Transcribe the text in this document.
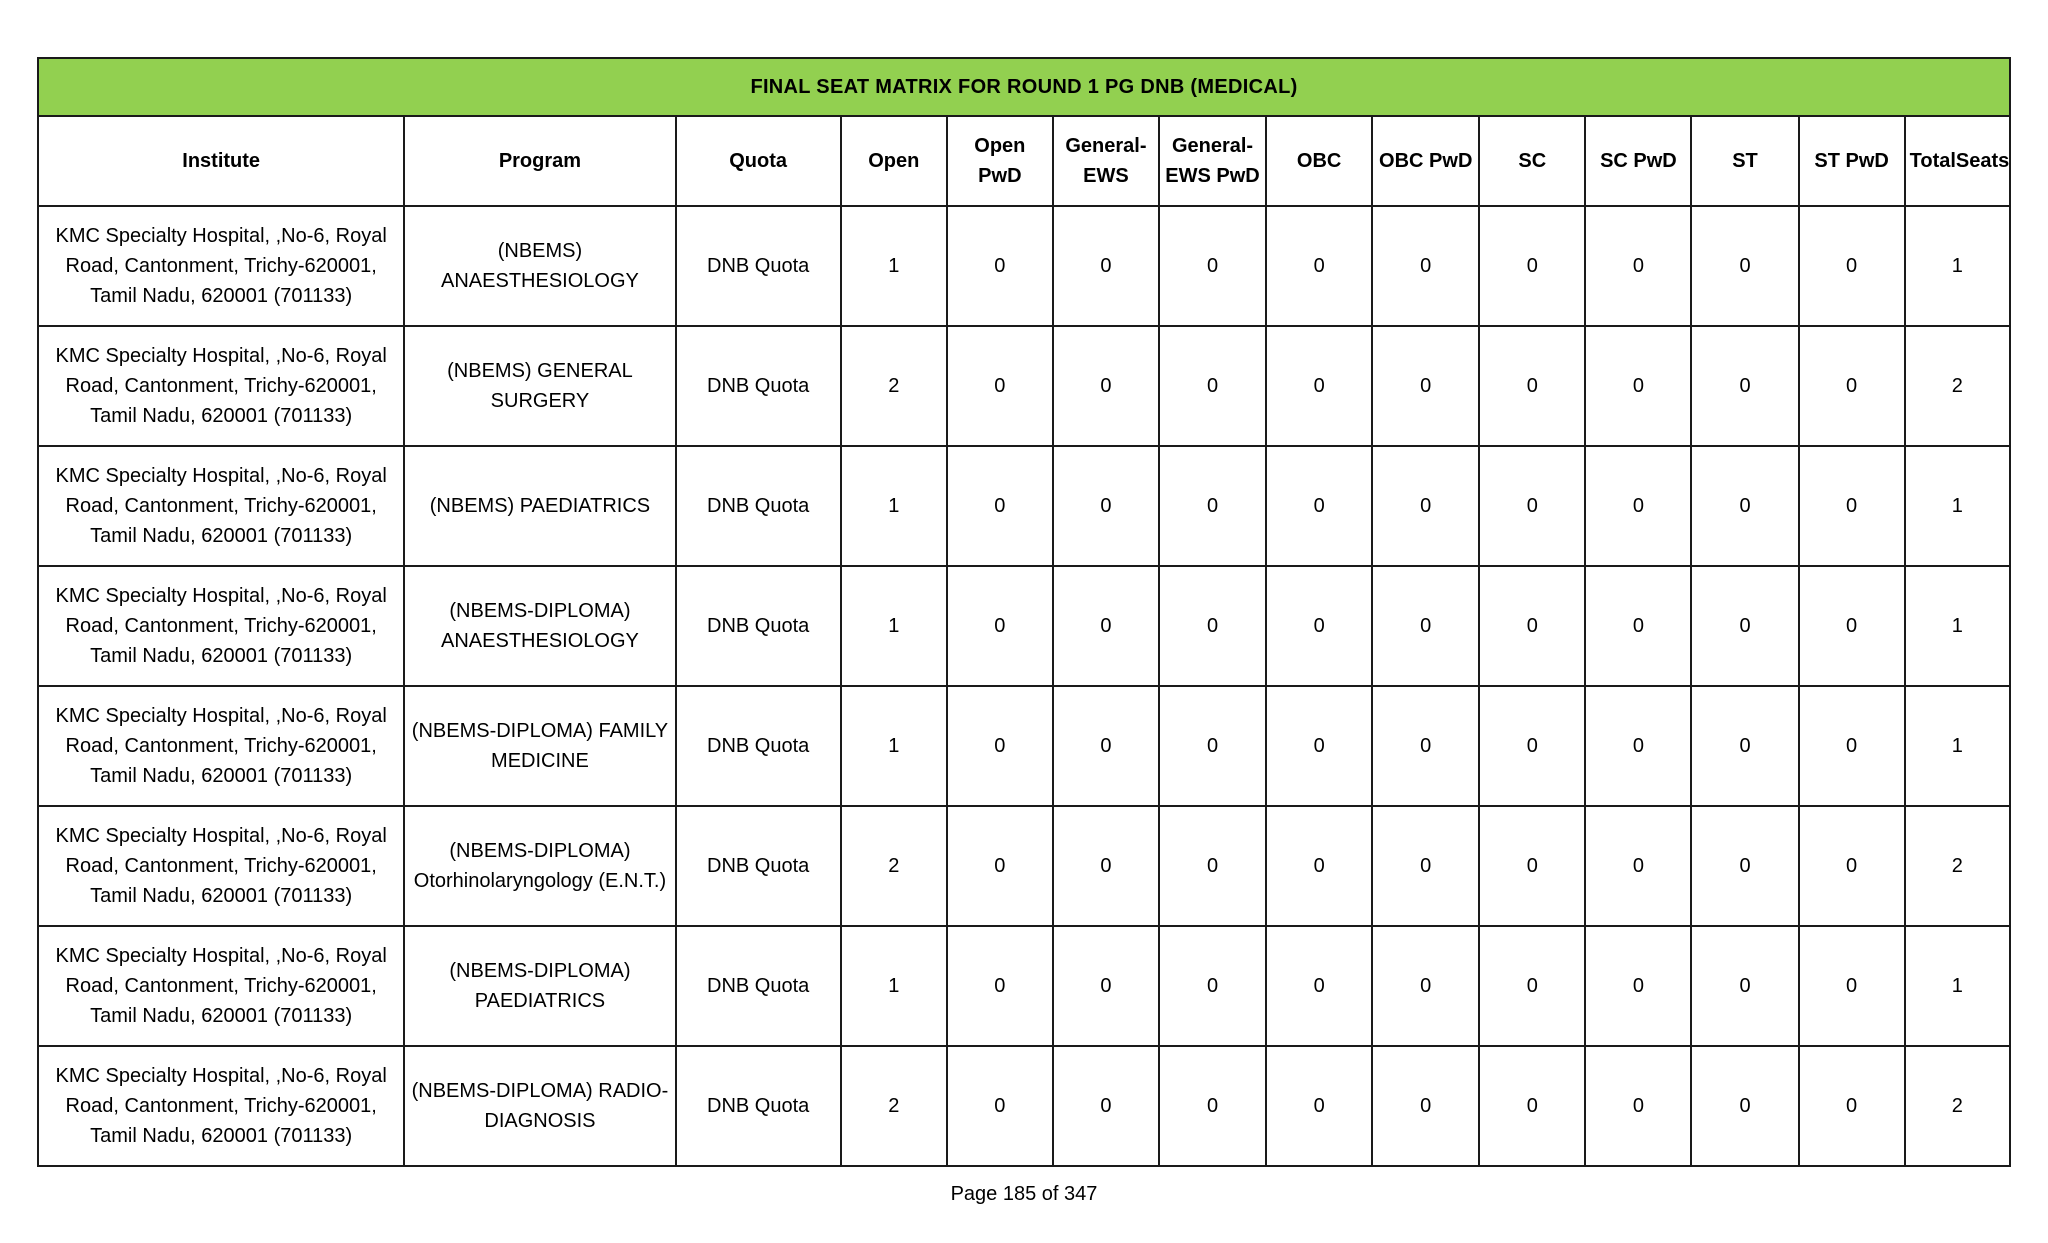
FINAL SEAT MATRIX FOR ROUND 1 PG DNB (MEDICAL)													
Institute	Program	Quota	Open	Open PwD	General-EWS	General-EWS PwD	OBC	OBC PwD	SC	SC PwD	ST	ST PwD	TotalSeats
KMC Specialty Hospital, ,No-6, Royal Road, Cantonment, Trichy-620001, Tamil Nadu, 620001 (701133)	(NBEMS) ANAESTHESIOLOGY	DNB Quota	1	0	0	0	0	0	0	0	0	0	1
KMC Specialty Hospital, ,No-6, Royal Road, Cantonment, Trichy-620001, Tamil Nadu, 620001 (701133)	(NBEMS) GENERAL SURGERY	DNB Quota	2	0	0	0	0	0	0	0	0	0	2
KMC Specialty Hospital, ,No-6, Royal Road, Cantonment, Trichy-620001, Tamil Nadu, 620001 (701133)	(NBEMS) PAEDIATRICS	DNB Quota	1	0	0	0	0	0	0	0	0	0	1
KMC Specialty Hospital, ,No-6, Royal Road, Cantonment, Trichy-620001, Tamil Nadu, 620001 (701133)	(NBEMS-DIPLOMA) ANAESTHESIOLOGY	DNB Quota	1	0	0	0	0	0	0	0	0	0	1
KMC Specialty Hospital, ,No-6, Royal Road, Cantonment, Trichy-620001, Tamil Nadu, 620001 (701133)	(NBEMS-DIPLOMA) FAMILY MEDICINE	DNB Quota	1	0	0	0	0	0	0	0	0	0	1
KMC Specialty Hospital, ,No-6, Royal Road, Cantonment, Trichy-620001, Tamil Nadu, 620001 (701133)	(NBEMS-DIPLOMA) Otorhinolaryngology (E.N.T.)	DNB Quota	2	0	0	0	0	0	0	0	0	0	2
KMC Specialty Hospital, ,No-6, Royal Road, Cantonment, Trichy-620001, Tamil Nadu, 620001 (701133)	(NBEMS-DIPLOMA) PAEDIATRICS	DNB Quota	1	0	0	0	0	0	0	0	0	0	1
KMC Specialty Hospital, ,No-6, Royal Road, Cantonment, Trichy-620001, Tamil Nadu, 620001 (701133)	(NBEMS-DIPLOMA) RADIO-DIAGNOSIS	DNB Quota	2	0	0	0	0	0	0	0	0	0	2
Page 185 of 347
